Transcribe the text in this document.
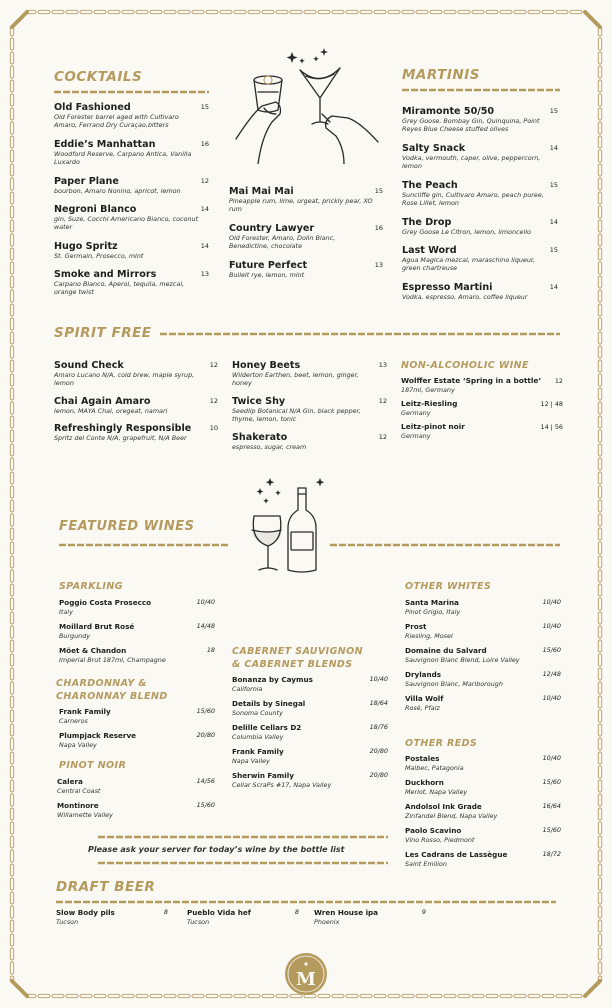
COCKTAILS
Old Fashioned	15
Old Forester barrel aged with Cultivaro Amaro, Ferrand Dry Curaçao,bitters
Eddie’s Manhattan	16
Woodford Reserve, Carpano Antica, Vanilla Luxardo
Paper Plane	12
bourbon, Amaro Nonino, apricot, lemon
Negroni Blanco	14
gin, Suze, Cocchi Americano Bianco, coconut water
Hugo Spritz	14
St. Germain, Prosecco, mint
Smoke and Mirrors	13
Carpano Bianco, Aperol, tequila, mezcal, orange twist
Mai Mai Mai	15
Pineapple rum, lime, orgeat, prickly pear, XO rum
Country Lawyer	16
Old Forester, Amaro, Dolin Blanc, Benedictine, chocolate
Future Perfect	13
Bulleit rye, lemon, mint
MARTINIS
Miramonte 50/50	15
Grey Goose, Bombay Gin, Quinquina, Point Reyes Blue Cheese stuffed olives
Salty Snack	14
Vodka, vermouth, caper, olive, peppercorn, lemon
The Peach	15
Suncliffe gin, Cultivaro Amaro, peach puree, Rose Lillet, lemon
The Drop	14
Grey Goose Le Citron, lemon, limoncello
Last Word	15
Agua Magica mezcal, maraschino liqueur, green chartreuse
Espresso Martini	14
Vodka, espresso, Amaro, coffee liqueur
SPIRIT FREE
Sound Check	12
Amaro Lucano N/A, cold brew, maple syrup, lemon
Chai Again Amaro	12
lemon, MAYA Chai, oregeat, namari
Refreshingly Responsible	10
Spritz del Conte N/A, grapefruit, N/A Beer
Honey Beets	13
Wilderton Earthen, beet, lemon, ginger, honey
Twice Shy	12
Seedlip Botanical N/A Gin, black pepper, thyme, lemon, tonic
Shakerato	12
espresso, sugar, cream
NON-ALCOHOLIC WINE
Wolffer Estate ‘Spring in a bottle’	12
187ml, Germany
Leitz-Riesling	12 | 48
Germany
Leitz-pinot noir	14 | 56
Germany
FEATURED WINES
SPARKLING
Poggio Costa Prosecco	10/40
Italy
Moillard Brut Rosé	14/48
Burgundy
Möet & Chandon	18
Imperial Brut 187ml, Champagne
CHARDONNAY &
CHARONNAY BLEND
Frank Family	15/60
Carneros
Plumpjack Reserve	20/80
Napa Valley
PINOT NOIR
Calera	14/56
Central Coast
Montinore	15/60
Willamette Valley
CABERNET SAUVIGNON
& CABERNET BLENDS
Bonanza by Caymus	10/40
California
Details by Sinegal	18/64
Sonoma County
Delille Cellars D2	18/76
Columbia Valley
Frank Family	20/80
Napa Valley
Sherwin Family	20/80
Cellar ScraPs #17, Napa Valley
OTHER WHITES
Santa Marina	10/40
Pinot Grigio, Italy
Prost	10/40
Riesling, Mosel
Domaine du Salvard	15/60
Sauvignon Blanc Blend, Loire Valley
Drylands	12/48
Sauvignon Blanc, Marlborough
Villa Wolf	10/40
Rosé, Pfalz
OTHER REDS
Postales	10/40
Malbec, Patagonia
Duckhorn	15/60
Merlot, Napa Valley
Andolsol Ink Grade	16/64
Zinfandel Blend, Napa Valley
Paolo Scavino	15/60
Vino Rosso, Piedmont
Les Cadrans de Lassègue	18/72
Saint Emilion
Please ask your server for today’s wine by the bottle list
DRAFT BEER
Slow Body pils	8
Tucson
Pueblo Vida hef	8
Tucson
Wren House ipa	9
Phoenix
M
